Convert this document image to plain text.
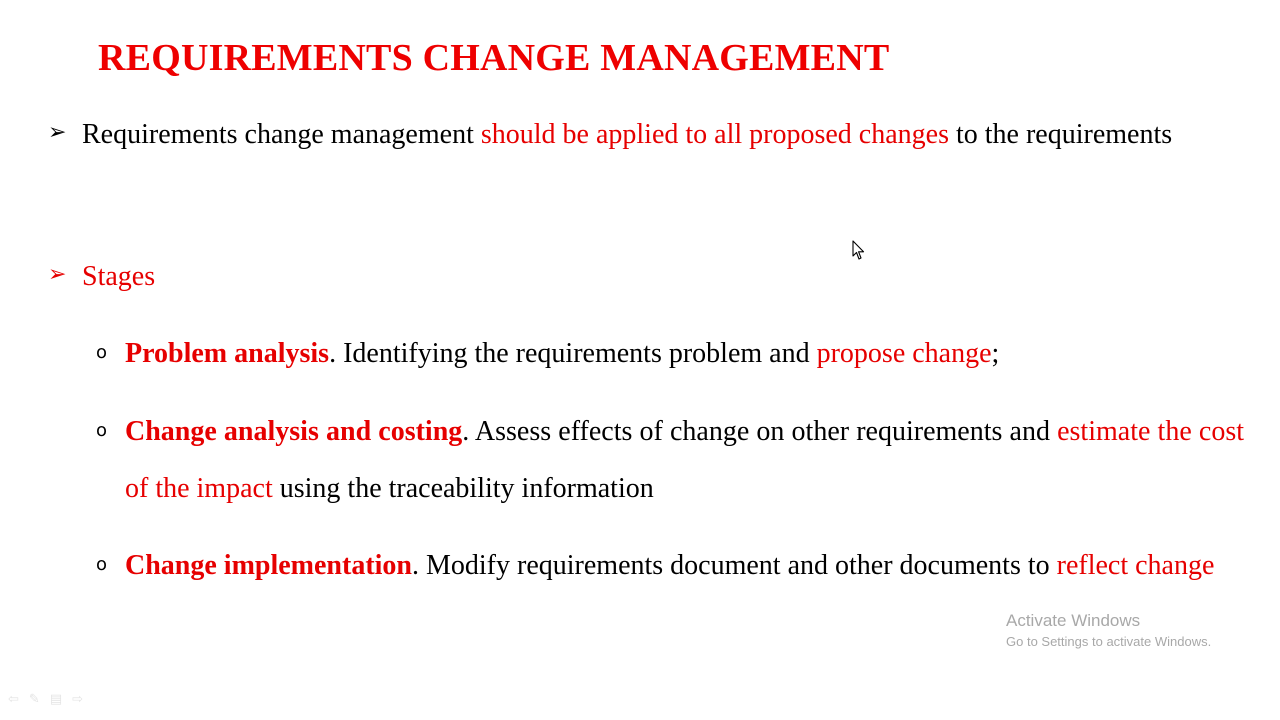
REQUIREMENTS CHANGE MANAGEMENT
➢ Requirements change management should be applied to all proposed changes to the requirements
➢ Stages
o Problem analysis. Identifying the requirements problem and propose change;
o Change analysis and costing. Assess effects of change on other requirements and estimate the cost of the impact using the traceability information
o Change implementation. Modify requirements document and other documents to reflect change
Activate Windows
Go to Settings to activate Windows.
⇦ ✎ ▤ ⇨
